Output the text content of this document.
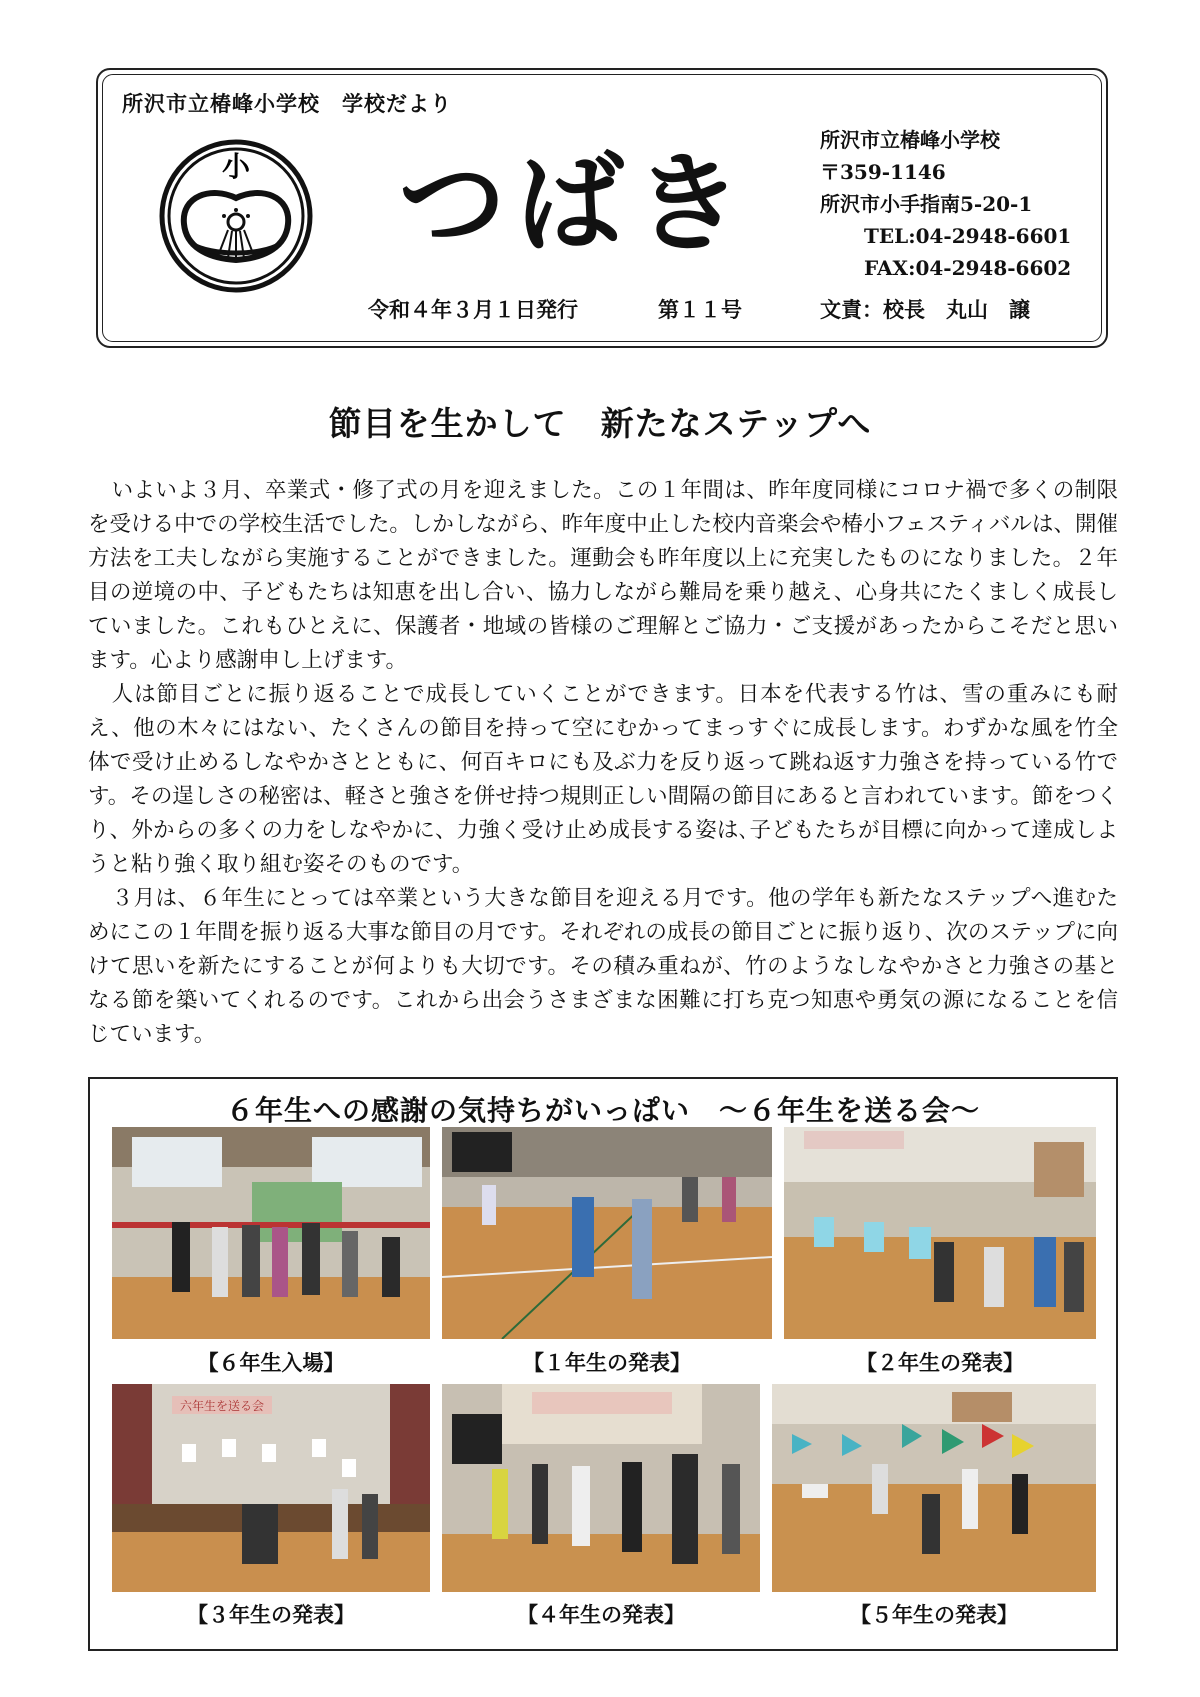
所沢市立椿峰小学校　学校だより
小 つばき
令和４年３月１日発行	第１１号
所沢市立椿峰小学校
〒359-1146
所沢市小手指南5-20-1
TEL:04-2948-6601
FAX:04-2948-6602
文責：校長　丸山　譲
節目を生かして　新たなステップへ

いよいよ３月、卒業式・修了式の月を迎えました。この１年間は、昨年度同様にコロナ禍で多くの制限を受ける中での学校生活でした。しかしながら、昨年度中止した校内音楽会や椿小フェスティバルは、開催方法を工夫しながら実施することができました。運動会も昨年度以上に充実したものになりました。２年目の逆境の中、子どもたちは知恵を出し合い、協力しながら難局を乗り越え、心身共にたくましく成長していました。これもひとえに、保護者・地域の皆様のご理解とご協力・ご支援があったからこそだと思います。心より感謝申し上げます。

人は節目ごとに振り返ることで成長していくことができます。日本を代表する竹は、雪の重みにも耐え、他の木々にはない、たくさんの節目を持って空にむかってまっすぐに成長します。わずかな風を竹全体で受け止めるしなやかさとともに、何百キロにも及ぶ力を反り返って跳ね返す力強さを持っている竹です。その逞しさの秘密は、軽さと強さを併せ持つ規則正しい間隔の節目にあると言われています。節をつくり、外からの多くの力をしなやかに、力強く受け止め成長する姿は､子どもたちが目標に向かって達成しようと粘り強く取り組む姿そのものです。

３月は、６年生にとっては卒業という大きな節目を迎える月です。他の学年も新たなステップへ進むためにこの１年間を振り返る大事な節目の月です。それぞれの成長の節目ごとに振り返り、次のステップに向けて思いを新たにすることが何よりも大切です。その積み重ねが、竹のようなしなやかさと力強さの基となる節を築いてくれるのです。これから出会うさまざまな困難に打ち克つ知恵や勇気の源になることを信じています。

６年生への感謝の気持ちがいっぱい　～６年生を送る会～
【６年生入場】	【１年生の発表】	【２年生の発表】
六年生を送る会
【３年生の発表】	【４年生の発表】	【５年生の発表】
